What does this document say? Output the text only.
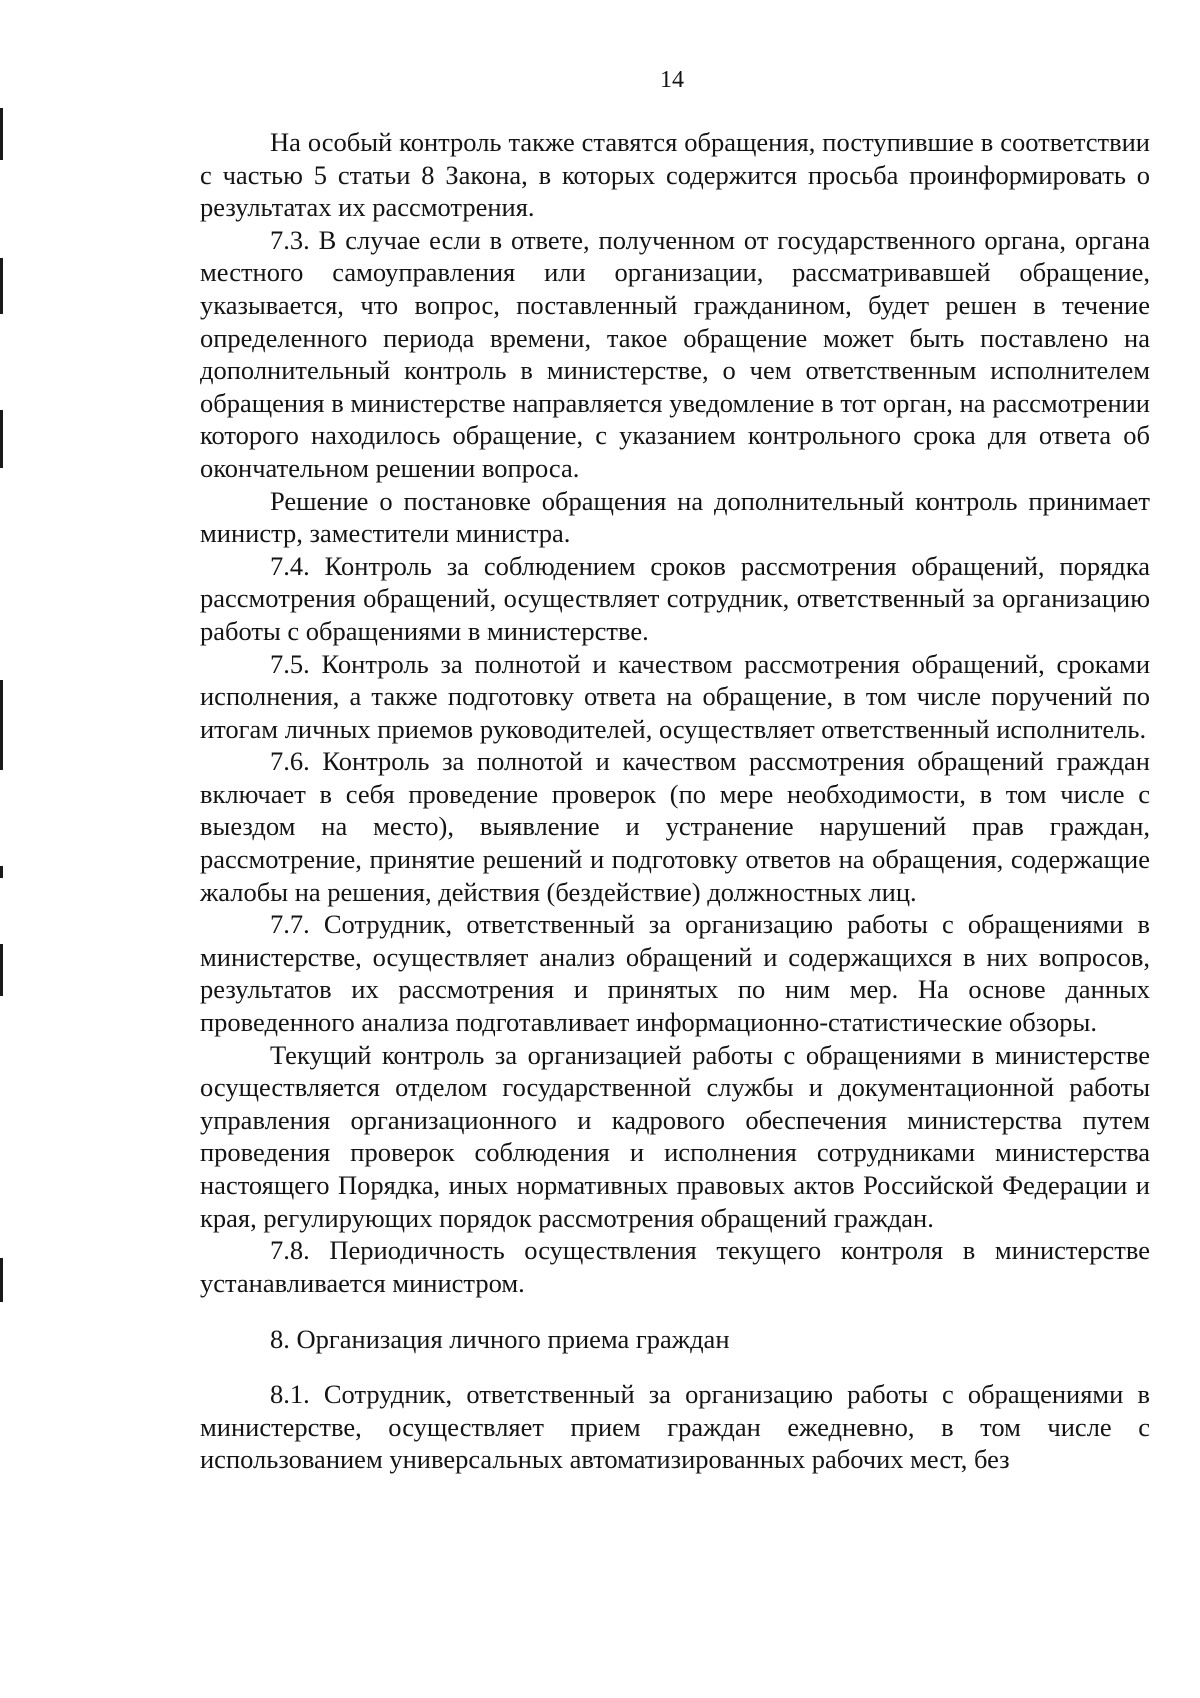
14

На особый контроль также ставятся обращения, поступившие в соответствии с частью 5 статьи 8 Закона, в которых содержится просьба проинформировать о результатах их рассмотрения.

7.3. В случае если в ответе, полученном от государственного органа, органа местного самоуправления или организации, рассматривавшей обращение, указывается, что вопрос, поставленный гражданином, будет решен в течение определенного периода времени, такое обращение может быть поставлено на дополнительный контроль в министерстве, о чем ответственным исполнителем обращения в министерстве направляется уведомление в тот орган, на рассмотрении которого находилось обращение, с указанием контрольного срока для ответа об окончательном решении вопроса.

Решение о постановке обращения на дополнительный контроль принимает министр, заместители министра.

7.4. Контроль за соблюдением сроков рассмотрения обращений, порядка рассмотрения обращений, осуществляет сотрудник, ответственный за организацию работы с обращениями в министерстве.

7.5. Контроль за полнотой и качеством рассмотрения обращений, сроками исполнения, а также подготовку ответа на обращение, в том числе поручений по итогам личных приемов руководителей, осуществляет ответственный исполнитель.

7.6. Контроль за полнотой и качеством рассмотрения обращений граждан включает в себя проведение проверок (по мере необходимости, в том числе с выездом на место), выявление и устранение нарушений прав граждан, рассмотрение, принятие решений и подготовку ответов на обращения, содержащие жалобы на решения, действия (бездействие) должностных лиц.

7.7. Сотрудник, ответственный за организацию работы с обращениями в министерстве, осуществляет анализ обращений и содержащихся в них вопросов, результатов их рассмотрения и принятых по ним мер. На основе данных проведенного анализа подготавливает информационно-статистические обзоры.

Текущий контроль за организацией работы с обращениями в министерстве осуществляется отделом государственной службы и документационной работы управления организационного и кадрового обеспечения министерства путем проведения проверок соблюдения и исполнения сотрудниками министерства настоящего Порядка, иных нормативных правовых актов Российской Федерации и края, регулирующих порядок рассмотрения обращений граждан.

7.8. Периодичность осуществления текущего контроля в министерстве устанавливается министром.

8. Организация личного приема граждан

8.1. Сотрудник, ответственный за организацию работы с обращениями в министерстве, осуществляет прием граждан ежедневно, в том числе с использованием универсальных автоматизированных рабочих мест, без
